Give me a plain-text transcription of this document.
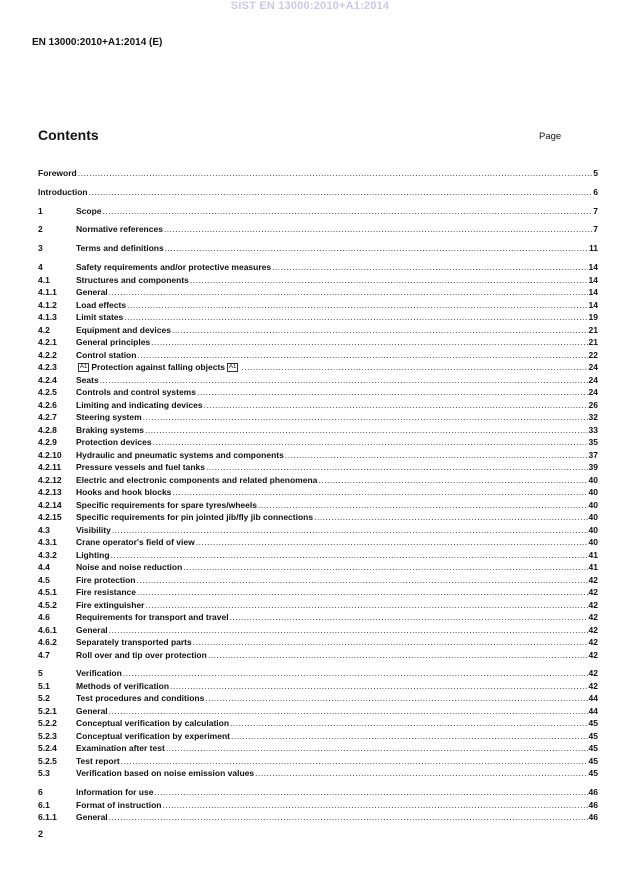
SIST EN 13000:2010+A1:2014
EN 13000:2010+A1:2014 (E)
Contents	Page
Foreword .....	5
Introduction .....	6
1	Scope .....	7
2	Normative references .....	7
3	Terms and definitions .....	11
4	Safety requirements and/or protective measures .....	14
4.1	Structures and components .....	14
4.1.1	General .....	14
4.1.2	Load effects .....	14
4.1.3	Limit states .....	19
4.2	Equipment and devices .....	21
4.2.1	General principles .....	21
4.2.2	Control station .....	22
4.2.3	A1 Protection against falling objects A1 .....	24
4.2.4	Seats .....	24
4.2.5	Controls and control systems .....	24
4.2.6	Limiting and indicating devices .....	26
4.2.7	Steering system .....	32
4.2.8	Braking systems .....	33
4.2.9	Protection devices .....	35
4.2.10	Hydraulic and pneumatic systems and components .....	37
4.2.11	Pressure vessels and fuel tanks .....	39
4.2.12	Electric and electronic components and related phenomena .....	40
4.2.13	Hooks and hook blocks .....	40
4.2.14	Specific requirements for spare tyres/wheels .....	40
4.2.15	Specific requirements for pin jointed jib/fly jib connections .....	40
4.3	Visibility .....	40
4.3.1	Crane operator's field of view .....	40
4.3.2	Lighting .....	41
4.4	Noise and noise reduction .....	41
4.5	Fire protection .....	42
4.5.1	Fire resistance .....	42
4.5.2	Fire extinguisher .....	42
4.6	Requirements for transport and travel .....	42
4.6.1	General .....	42
4.6.2	Separately transported parts .....	42
4.7	Roll over and tip over protection .....	42
5	Verification .....	42
5.1	Methods of verification .....	42
5.2	Test procedures and conditions .....	44
5.2.1	General .....	44
5.2.2	Conceptual verification by calculation .....	45
5.2.3	Conceptual verification by experiment .....	45
5.2.4	Examination after test .....	45
5.2.5	Test report .....	45
5.3	Verification based on noise emission values .....	45
6	Information for use .....	46
6.1	Format of instruction .....	46
6.1.1	General .....	46
2
